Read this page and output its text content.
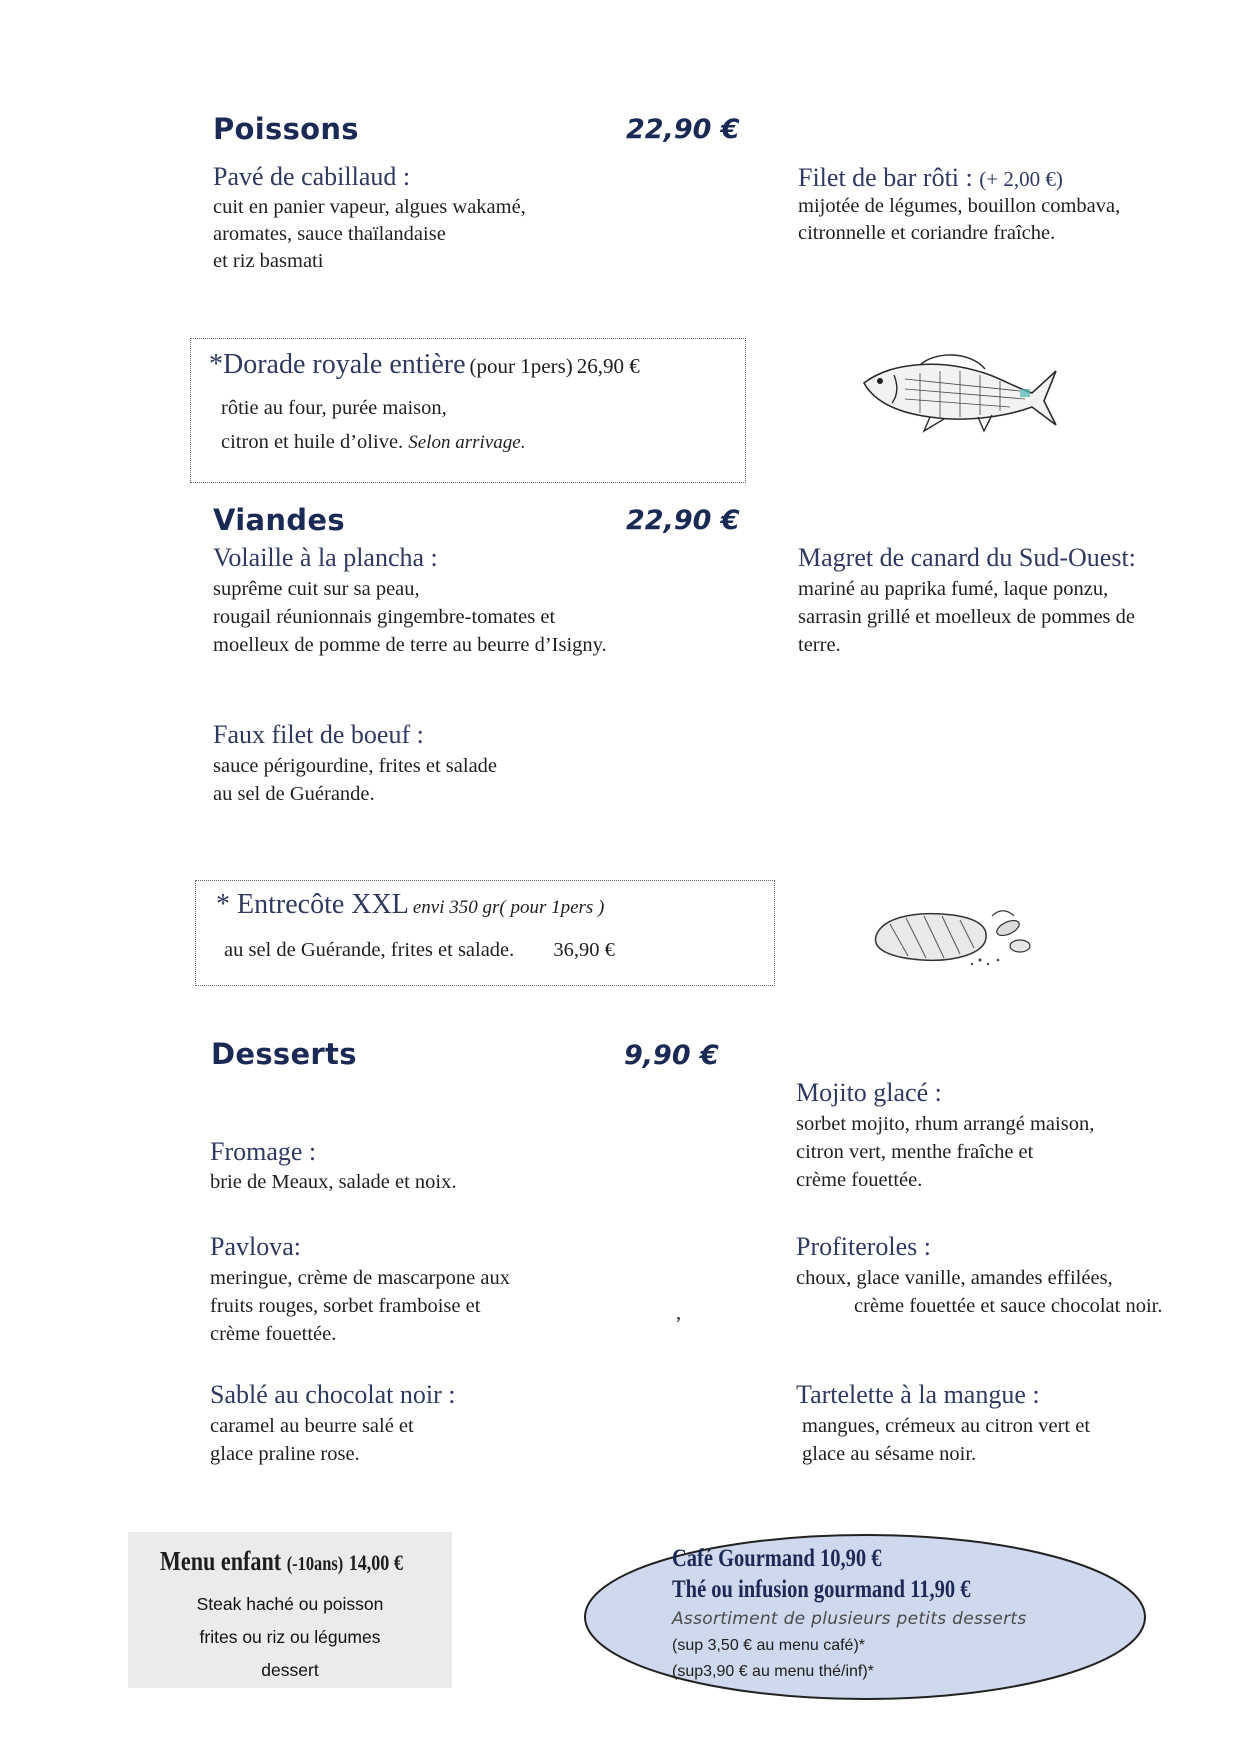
Poissons	22,90 €
Pavé de cabillaud :
cuit en panier vapeur, algues wakamé,
aromates, sauce thaïlandaise
et riz basmati
Filet de bar rôti : (+ 2,00 €)
mijotée de légumes, bouillon combava,
citronnelle et coriandre fraîche.
*Dorade royale entière (pour 1pers) 26,90 €
rôtie au four, purée maison,
citron et huile d’olive. Selon arrivage.
Viandes	22,90 €
Volaille à la plancha :
suprême cuit sur sa peau,
rougail réunionnais gingembre-tomates et
moelleux de pomme de terre au beurre d’Isigny.
Magret de canard du Sud-Ouest:
mariné au paprika fumé, laque ponzu,
sarrasin grillé et moelleux de pommes de
terre.
Faux filet de boeuf :
sauce périgourdine, frites et salade
au sel de Guérande.
* Entrecôte XXL envi 350 gr( pour 1pers )
au sel de Guérande, frites et salade. 36,90 €
Desserts	9,90 €
Mojito glacé :
sorbet mojito, rhum arrangé maison,
citron vert, menthe fraîche et
crème fouettée.
Fromage :
brie de Meaux, salade et noix.
Pavlova:
meringue, crème de mascarpone aux
fruits rouges, sorbet framboise et
crème fouettée.
,
Profiteroles :
choux, glace vanille, amandes effilées,
crème fouettée et sauce chocolat noir.
Sablé au chocolat noir :
caramel au beurre salé et
glace praline rose.
Tartelette à la mangue :
mangues, crémeux au citron vert et
glace au sésame noir.
Menu enfant (-10ans) 14,00 €
Steak haché ou poisson
frites ou riz ou légumes
dessert
Café Gourmand 10,90 €
Thé ou infusion gourmand 11,90 €
Assortiment de plusieurs petits desserts
(sup 3,50 € au menu café)*
(sup3,90 € au menu thé/inf)*
